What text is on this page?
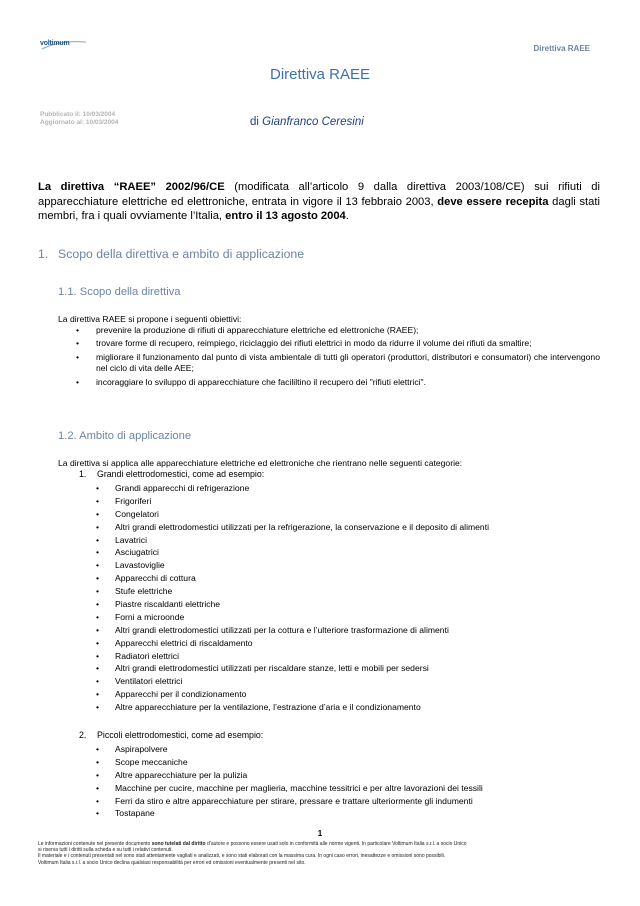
voltimum
Direttiva RAEE
Direttiva RAEE
Pubblicato il: 10/03/2004
Aggiornato al: 10/03/2004	di Gianfranco Ceresini
La direttiva “RAEE” 2002/96/CE (modificata all’articolo 9 dalla direttiva 2003/108/CE) sui rifiuti di apparecchiature elettriche ed elettroniche, entrata in vigore il 13 febbraio 2003, deve essere recepita dagli stati membri, fra i quali ovviamente l’Italia, entro il 13 agosto 2004.
1. Scopo della direttiva e ambito di applicazione
1.1. Scopo della direttiva
La direttiva RAEE si propone i seguenti obiettivi:
• prevenire la produzione di rifiuti di apparecchiature elettriche ed elettroniche (RAEE);
• trovare forme di recupero, reimpiego, riciclaggio dei rifiuti elettrici in modo da ridurre il volume dei rifiuti da smaltire;
• migliorare il funzionamento dal punto di vista ambientale di tutti gli operatori (produttori, distributori e consumatori) che intervengono nel ciclo di vita delle AEE;
• incoraggiare lo sviluppo di apparecchiature che facililtino il recupero dei "rifiuti elettrici".
1.2. Ambito di applicazione
La direttiva si applica alle apparecchiature elettriche ed elettroniche che rientrano nelle seguenti categorie:
1. Grandi elettrodomestici, come ad esempio:
• Grandi apparecchi di refrigerazione
• Frigoriferi
• Congelatori
• Altri grandi elettrodomestici utilizzati per la refrigerazione, la conservazione e il deposito di alimenti
• Lavatrici
• Asciugatrici
• Lavastoviglie
• Apparecchi di cottura
• Stufe elettriche
• Piastre riscaldanti elettriche
• Forni a microonde
• Altri grandi elettrodomestici utilizzati per la cottura e l’ulteriore trasformazione di alimenti
• Apparecchi elettrici di riscaldamento
• Radiatori elettrici
• Altri grandi elettrodomestici utilizzati per riscaldare stanze, letti e mobili per sedersi
• Ventilatori elettrici
• Apparecchi per il condizionamento
• Altre apparecchiature per la ventilazione, l’estrazione d’aria e il condizionamento
2. Piccoli elettrodomestici, come ad esempio:
• Aspirapolvere
• Scope meccaniche
• Altre apparecchiature per la pulizia
• Macchine per cucire, macchine per maglieria, macchine tessitrici e per altre lavorazioni dei tessili
• Ferri da stiro e altre apparecchiature per stirare, pressare e trattare ulteriormente gli indumenti
• Tostapane
1
Le informazioni contenute nel presente documento sono tutelati dal diritto d’autore e possono essere usati solo in conformità alle norme vigenti. In particolare Voltimum Italia s.r.l. a socio Unico
si riserva tutti i diritti sulla scheda e su tutti i relativi contenuti.
Il materiale e i contenuti presentati nel sono stati attentamente vagliati e analizzati, e sono stati elaborati con la massima cura. In ogni caso errori, inesattezze e omissioni sono possibili.
Voltimum Italia s.r.l. a socio Unico declina qualsiasi responsabilità per errori ed omissioni eventualmente presenti nel sito.
